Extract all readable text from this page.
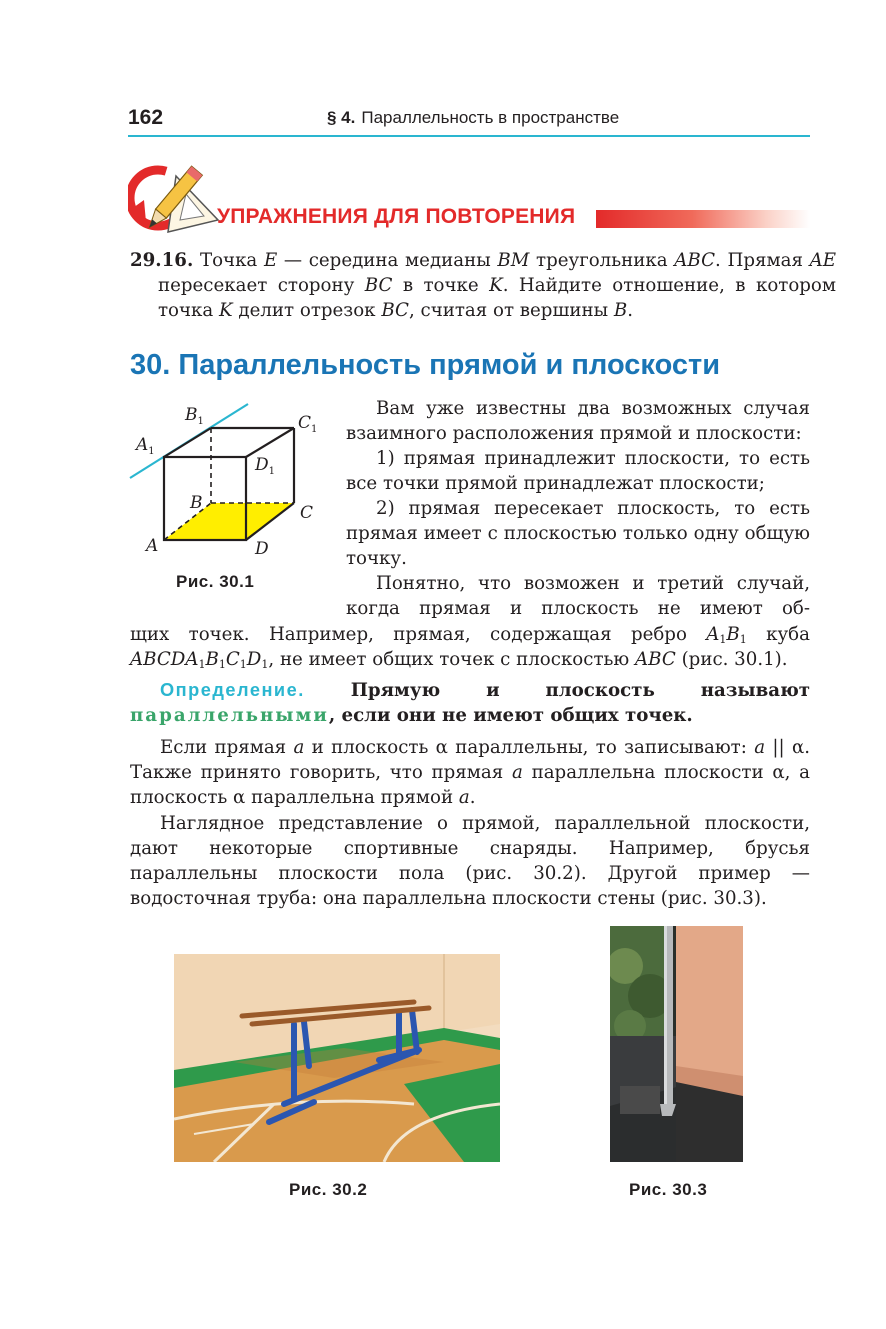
162	§ 4. Параллельность в пространстве
УПРАЖНЕНИЯ ДЛЯ ПОВТОРЕНИЯ
29.16. Точка E — середина медианы BM треугольника ABC. Прямая AE пересекает сторону BC в точке K. Найдите отношение, в котором точка K делит отрезок BC, считая от вершины B.
30. Параллельность прямой и плоскости
A	D
C
B
$A_1$
$B_1$	$C_1$
$D_1$
Рис. 30.1
Вам уже известны два возможных случая взаимного расположения прямой и плоскости:
1) прямая принадлежит плоскости, то есть все точки прямой принадлежат плоскости;
2) прямая пересекает плоскость, то есть прямая имеет с плоскостью только одну общую точку.
Понятно, что возможен и третий случай, когда прямая и плоскость не имеют об-
щих точек. Например, прямая, содержащая ребро $A_1B_1$ куба $ABCDA_1B_1C_1D_1$, не имеет общих точек с плоскостью ABC (рис. 30.1).
Определение. Прямую и плоскость называют параллельными, если они не имеют общих точек.
Если прямая a и плоскость α параллельны, то записывают: a || α. Также принято говорить, что прямая a параллельна плоскости α, а плоскость α параллельна прямой a.
Наглядное представление о прямой, параллельной плоскости, дают некоторые спортивные снаряды. Например, брусья параллельны плоскости пола (рис. 30.2). Другой пример — водосточная труба: она параллельна плоскости стены (рис. 30.3).
Рис. 30.2	Рис. 30.3
